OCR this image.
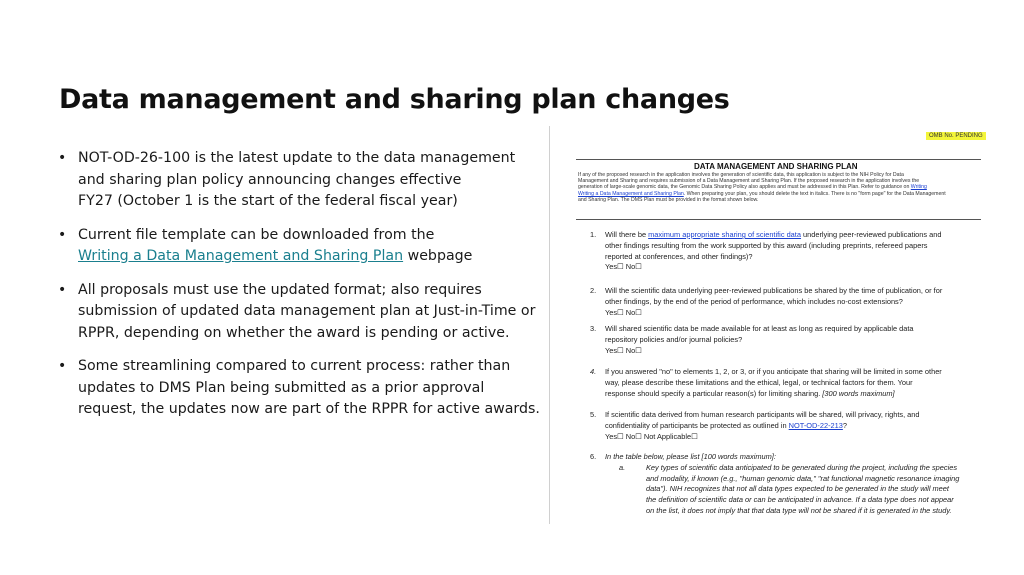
Data management and sharing plan changes
• NOT-OD-26-100 is the latest update to the data management
and sharing plan policy announcing changes effective
FY27 (October 1 is the start of the federal fiscal year)
• Current file template can be downloaded from the
Writing a Data Management and Sharing Plan webpage
• All proposals must use the updated format; also requires
submission of updated data management plan at Just-in-Time or
RPPR, depending on whether the award is pending or active.
• Some streamlining compared to current process: rather than
updates to DMS Plan being submitted as a prior approval
request, the updates now are part of the RPPR for active awards.
OMB No. PENDING
DATA MANAGEMENT AND SHARING PLAN
If any of the proposed research in the application involves the generation of scientific data, this application is subject to the NIH Policy for Data
Management and Sharing and requires submission of a Data Management and Sharing Plan. If the proposed research in the application involves the
generation of large-scale genomic data, the Genomic Data Sharing Policy also applies and must be addressed in this Plan. Refer to guidance on Writing
Writing a Data Management and Sharing Plan. When preparing your plan, you should delete the text in italics. There is no "form page" for the Data Management
and Sharing Plan. The DMS Plan must be provided in the format shown below.
1.	Will there be maximum appropriate sharing of scientific data underlying peer-reviewed publications and
other findings resulting from the work supported by this award (including preprints, refereed papers
reported at conferences, and other findings)?
Yes☐ No☐
2.	Will the scientific data underlying peer-reviewed publications be shared by the time of publication, or for
other findings, by the end of the period of performance, which includes no-cost extensions?
Yes☐ No☐
3.	Will shared scientific data be made available for at least as long as required by applicable data
repository policies and/or journal policies?
Yes☐ No☐
4.	If you answered "no" to elements 1, 2, or 3, or if you anticipate that sharing will be limited in some other
way, please describe these limitations and the ethical, legal, or technical factors for them. Your
response should specify a particular reason(s) for limiting sharing. [300 words maximum]
5.	If scientific data derived from human research participants will be shared, will privacy, rights, and
confidentiality of participants be protected as outlined in NOT-OD-22-213?
Yes☐ No☐ Not Applicable☐
6.	In the table below, please list [100 words maximum]:
a.	Key types of scientific data anticipated to be generated during the project, including the species
and modality, if known (e.g., "human genomic data," "rat functional magnetic resonance imaging
data"). NIH recognizes that not all data types expected to be generated in the study will meet
the definition of scientific data or can be anticipated in advance. If a data type does not appear
on the list, it does not imply that that data type will not be shared if it is generated in the study.
